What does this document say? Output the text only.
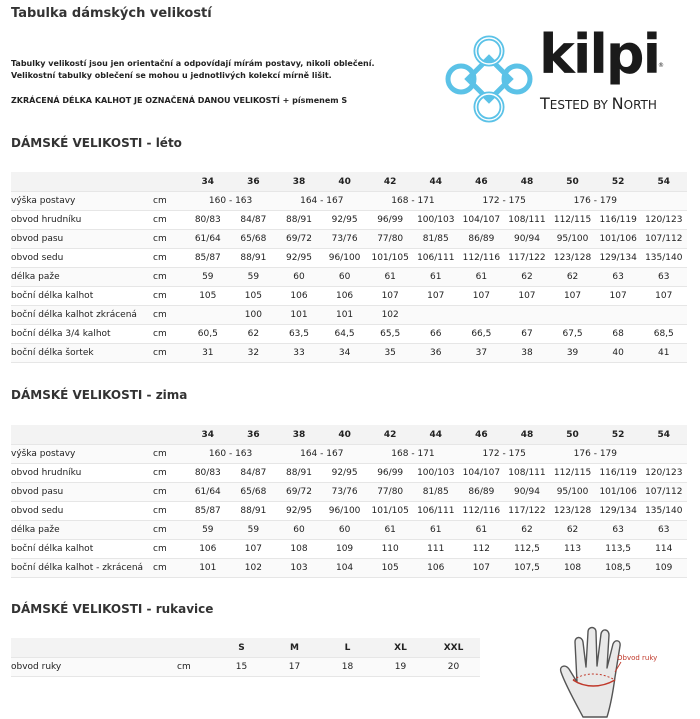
Tabulka dámských velikostí
Tabulky velikostí jsou jen orientační a odpovídají mírám postavy, nikoli oblečení.
Velikostní tabulky oblečení se mohou u jednotlivých kolekcí mírně lišit.
ZKRÁCENÁ DÉLKA KALHOT JE OZNAČENÁ DANOU VELIKOSTÍ + písmenem S
kilpi
®
TESTED BY NORTH
DÁMSKÉ VELIKOSTI - léto
		34	36	38	40	42	44	46	48	50	52	54
výška postavy	cm	160 - 163		164 - 167		168 - 171		172 - 175		176 - 179		
obvod hrudníku	cm	80/83	84/87	88/91	92/95	96/99	100/103	104/107	108/111	112/115	116/119	120/123
obvod pasu	cm	61/64	65/68	69/72	73/76	77/80	81/85	86/89	90/94	95/100	101/106	107/112
obvod sedu	cm	85/87	88/91	92/95	96/100	101/105	106/111	112/116	117/122	123/128	129/134	135/140
délka paže	cm	59	59	60	60	61	61	61	62	62	63	63
boční délka kalhot	cm	105	105	106	106	107	107	107	107	107	107	107
boční délka kalhot zkrácená	cm		100	101	101	102						
boční délka 3/4 kalhot	cm	60,5	62	63,5	64,5	65,5	66	66,5	67	67,5	68	68,5
boční délka šortek	cm	31	32	33	34	35	36	37	38	39	40	41
DÁMSKÉ VELIKOSTI - zima
		34	36	38	40	42	44	46	48	50	52	54
výška postavy	cm	160 - 163		164 - 167		168 - 171		172 - 175		176 - 179		
obvod hrudníku	cm	80/83	84/87	88/91	92/95	96/99	100/103	104/107	108/111	112/115	116/119	120/123
obvod pasu	cm	61/64	65/68	69/72	73/76	77/80	81/85	86/89	90/94	95/100	101/106	107/112
obvod sedu	cm	85/87	88/91	92/95	96/100	101/105	106/111	112/116	117/122	123/128	129/134	135/140
délka paže	cm	59	59	60	60	61	61	61	62	62	63	63
boční délka kalhot	cm	106	107	108	109	110	111	112	112,5	113	113,5	114
boční délka kalhot - zkrácená	cm	101	102	103	104	105	106	107	107,5	108	108,5	109
DÁMSKÉ VELIKOSTI - rukavice
		S	M	L	XL	XXL
obvod ruky	cm	15	17	18	19	20
Obvod ruky
